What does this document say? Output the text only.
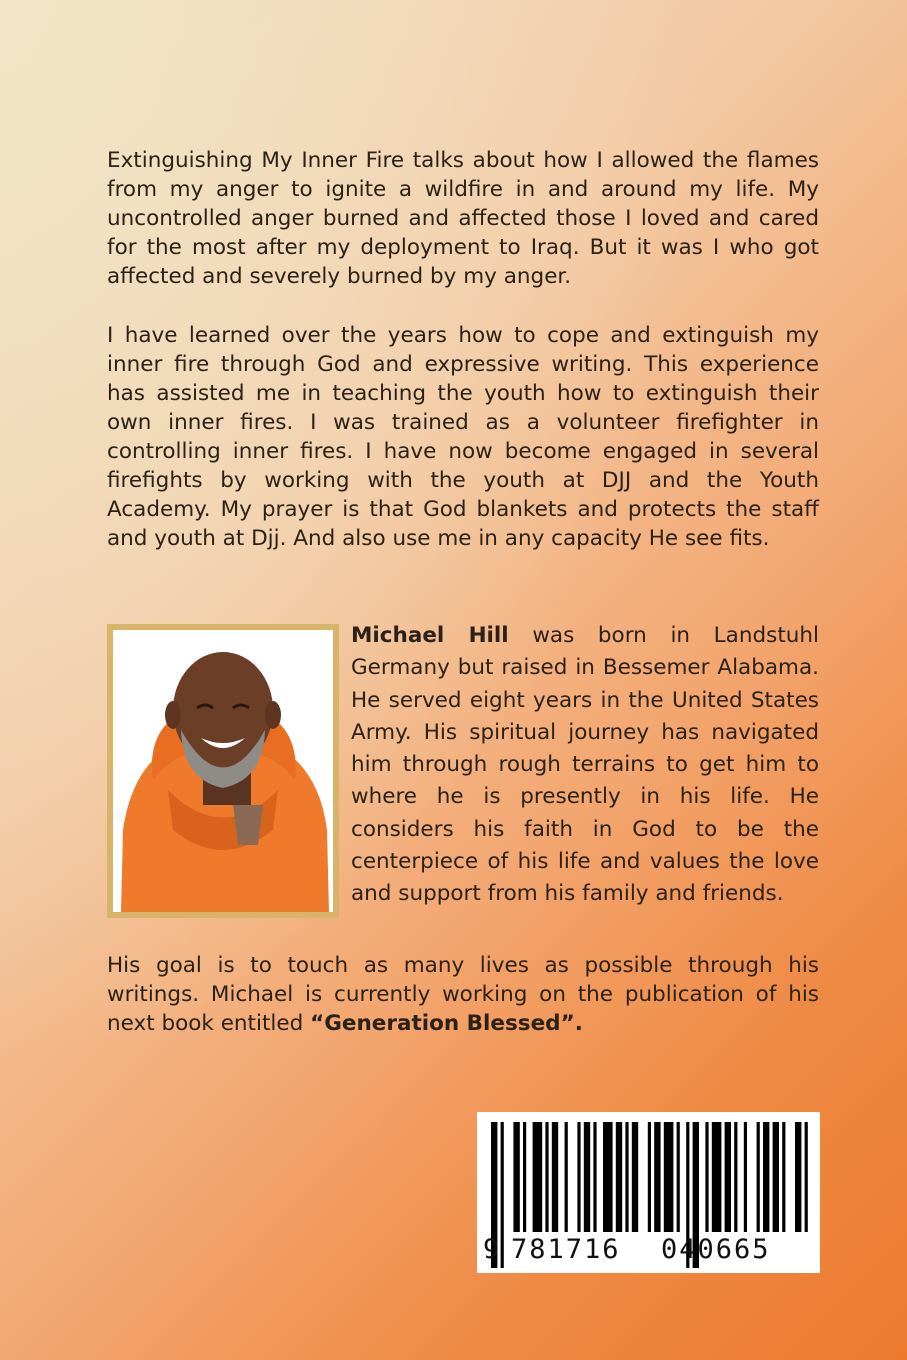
Extinguishing My Inner Fire talks about how I allowed the flames from my anger to ignite a wildfire in and around my life. My uncontrolled anger burned and affected those I loved and cared for the most after my deployment to Iraq. But it was I who got affected and severely burned by my anger.

I have learned over the years how to cope and extinguish my inner fire through God and expressive writing. This experience has assisted me in teaching the youth how to extinguish their own inner fires. I was trained as a volunteer firefighter in controlling inner fires. I have now become engaged in several firefights by working with the youth at DJJ and the Youth Academy. My prayer is that God blankets and protects the staff and youth at Djj. And also use me in any capacity He see fits.

Michael Hill was born in Landstuhl Germany but raised in Bessemer Alabama. He served eight years in the United States Army. His spiritual journey has navigated him through rough terrains to get him to where he is presently in his life. He considers his faith in God to be the centerpiece of his life and values the love and support from his family and friends.

His goal is to touch as many lives as possible through his writings. Michael is currently working on the publication of his next book entitled “Generation Blessed”.

9 781716 040665
